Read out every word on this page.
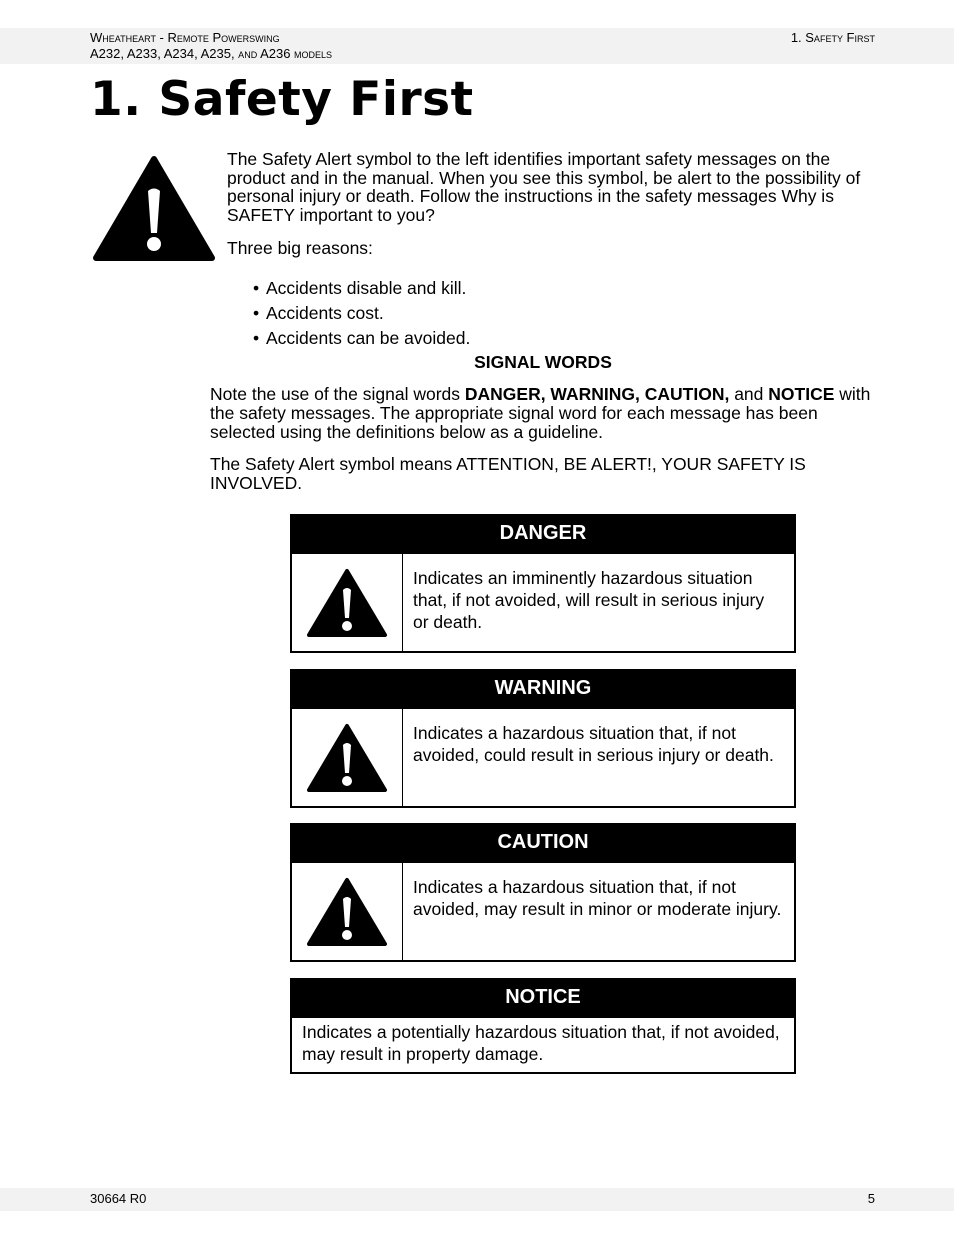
Wheatheart - Remote Powerswing
A232, A233, A234, A235, and A236 models
1. Safety First
1. Safety First

The Safety Alert symbol to the left identifies important safety messages on the product and in the manual. When you see this symbol, be alert to the possibility of personal injury or death. Follow the instructions in the safety messages Why is SAFETY important to you?

Three big reasons:

• Accidents disable and kill.
• Accidents cost.
• Accidents can be avoided.
SIGNAL WORDS

Note the use of the signal words DANGER, WARNING, CAUTION, and NOTICE with the safety messages. The appropriate signal word for each message has been selected using the definitions below as a guideline.

The Safety Alert symbol means ATTENTION, BE ALERT!, YOUR SAFETY IS INVOLVED.

DANGER
Indicates an imminently hazardous situation that, if not avoided, will result in serious injury or death.
WARNING
Indicates a hazardous situation that, if not avoided, could result in serious injury or death.
CAUTION
Indicates a hazardous situation that, if not avoided, may result in minor or moderate injury.
NOTICE
Indicates a potentially hazardous situation that, if not avoided, may result in property damage.
30664 R0	5
